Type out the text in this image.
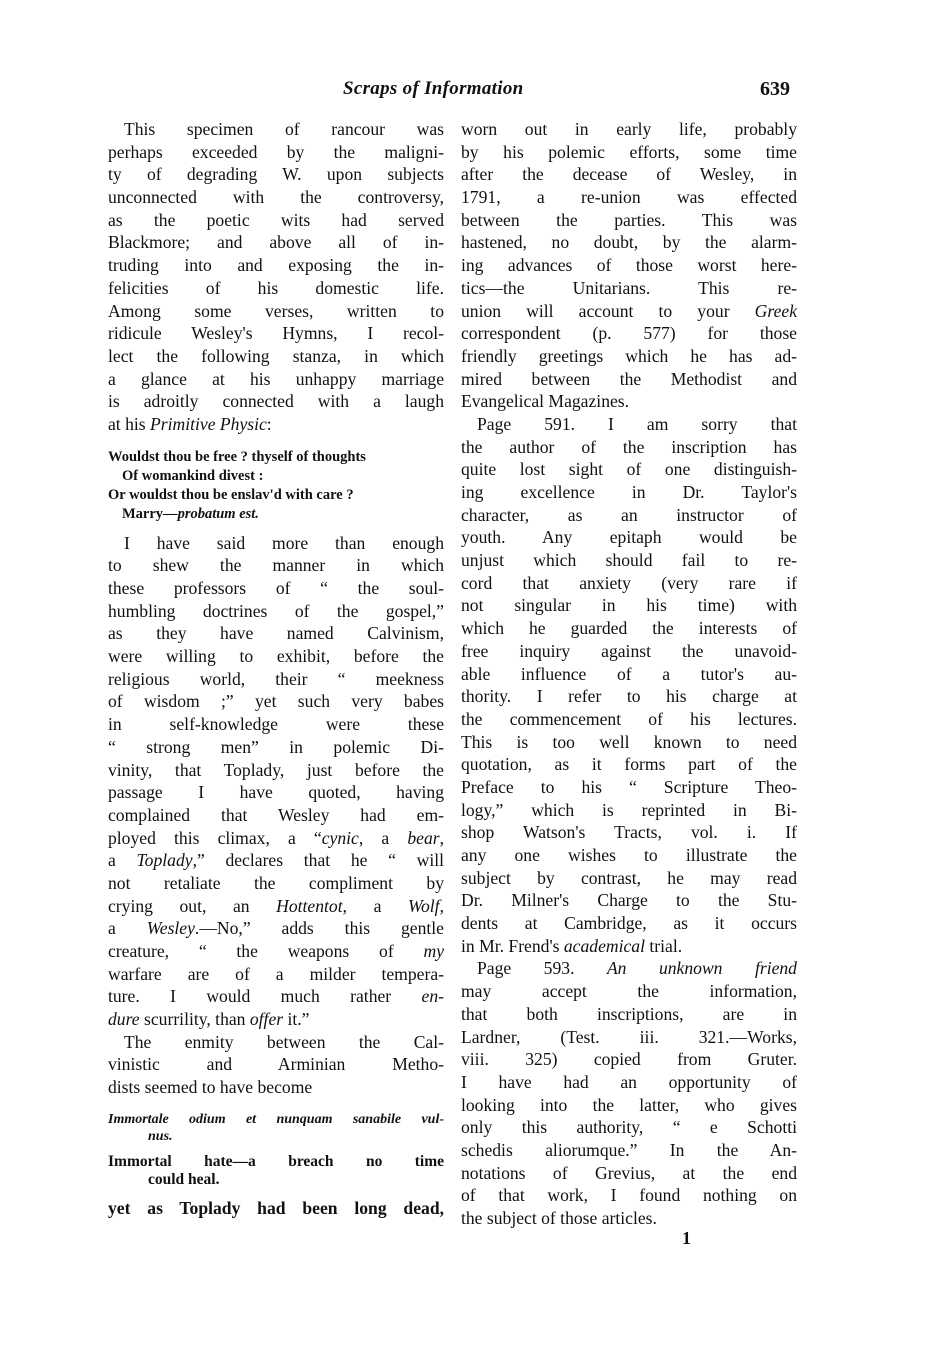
Scraps of Information	639
This specimen of rancour was
perhaps exceeded by the maligni-
ty of degrading W. upon subjects
unconnected with the controversy,
as the poetic wits had served
Blackmore; and above all of in-
truding into and exposing the in-
felicities of his domestic life.
Among some verses, written to
ridicule Wesley's Hymns, I recol-
lect the following stanza, in which
a glance at his unhappy marriage
is adroitly connected with a laugh
at his Primitive Physic:
Wouldst thou be free ? thyself of thoughts
Of womankind divest :
Or wouldst thou be enslav'd with care ?
Marry—probatum est.
I have said more than enough
to shew the manner in which
these professors of “ the soul-
humbling doctrines of the gospel,”
as they have named Calvinism,
were willing to exhibit, before the
religious world, their “ meekness
of wisdom ;” yet such very babes
in self-knowledge were these
“ strong men” in polemic Di-
vinity, that Toplady, just before the
passage I have quoted, having
complained that Wesley had em-
ployed this climax, a “cynic, a bear,
a Toplady,” declares that he “ will
not retaliate the compliment by
crying out, an Hottentot, a Wolf,
a Wesley.—No,” adds this gentle
creature, “ the weapons of my
warfare are of a milder tempera-
ture. I would much rather en-
dure scurrility, than offer it.”
The enmity between the Cal-
vinistic and Arminian Metho-
dists seemed to have become
Immortale odium et nunquam sanabile vul-
nus.
Immortal hate—a breach no time
could heal.
yet as Toplady had been long dead,
worn out in early life, probably
by his polemic efforts, some time
after the decease of Wesley, in
1791, a re-union was effected
between the parties. This was
hastened, no doubt, by the alarm-
ing advances of those worst here-
tics—the Unitarians. This re-
union will account to your Greek
correspondent (p. 577) for those
friendly greetings which he has ad-
mired between the Methodist and
Evangelical Magazines.
Page 591. I am sorry that
the author of the inscription has
quite lost sight of one distinguish-
ing excellence in Dr. Taylor's
character, as an instructor of
youth. Any epitaph would be
unjust which should fail to re-
cord that anxiety (very rare if
not singular in his time) with
which he guarded the interests of
free inquiry against the unavoid-
able influence of a tutor's au-
thority. I refer to his charge at
the commencement of his lectures.
This is too well known to need
quotation, as it forms part of the
Preface to his “ Scripture Theo-
logy,” which is reprinted in Bi-
shop Watson's Tracts, vol. i. If
any one wishes to illustrate the
subject by contrast, he may read
Dr. Milner's Charge to the Stu-
dents at Cambridge, as it occurs
in Mr. Frend's academical trial.
Page 593. An unknown friend
may accept the information,
that both inscriptions, are in
Lardner, (Test. iii. 321.—Works,
viii. 325) copied from Gruter.
I have had an opportunity of
looking into the latter, who gives
only this authority, “ e Schotti
schedis aliorumque.” In the An-
notations of Grevius, at the end
of that work, I found nothing on
the subject of those articles.
1
